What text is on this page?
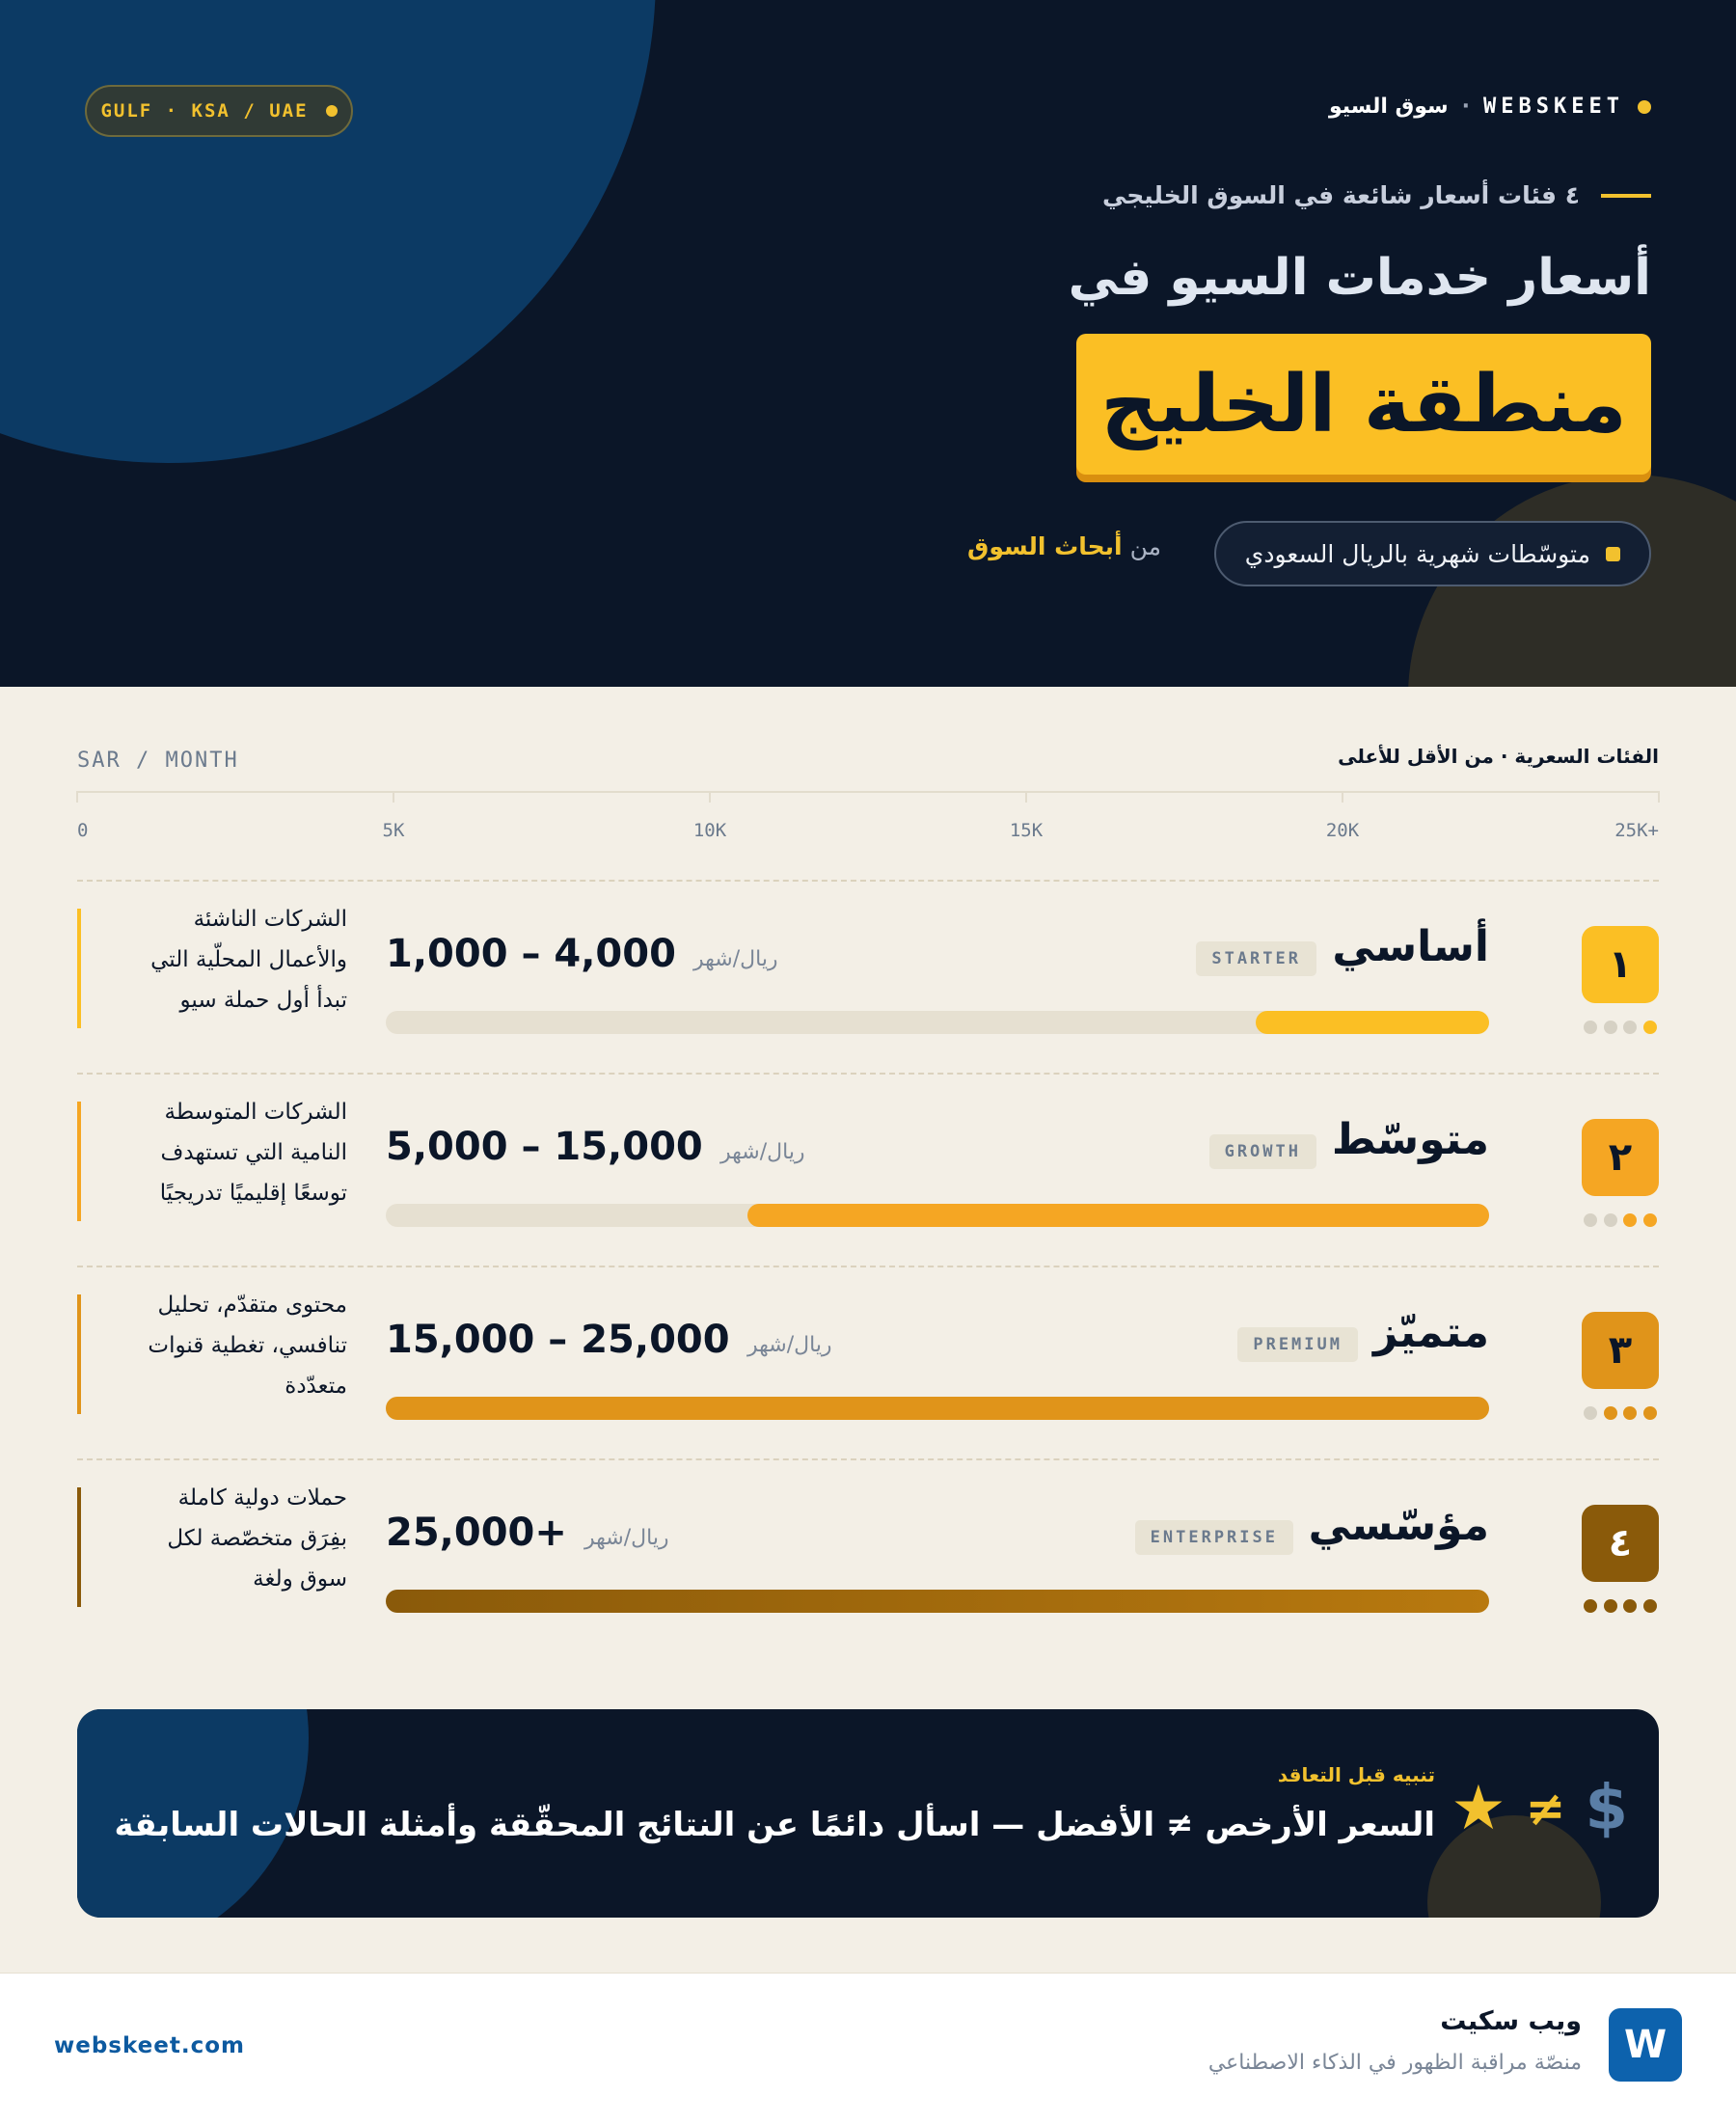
GULF · KSA / UAE	WEBSKEET
·
سوق السيو
٤ فئات أسعار شائعة في السوق الخليجي
أسعار خدمات السيو في
منطقة الخليج
متوسّطات شهرية بالريال السعودي
من أبحاث السوق
SAR / MONTH	الفئات السعرية · من الأقل للأعلى
0	5K	10K	15K	20K	25K+
١
أساسي
STARTER
1,000 – 4,000 ريال/شهر
الشركات الناشئة
والأعمال المحلّية التي
تبدأ أول حملة سيو
٢
متوسّط
GROWTH
5,000 – 15,000 ريال/شهر
الشركات المتوسطة
النامية التي تستهدف
توسعًا إقليميًا تدريجيًا
٣
متميّز
PREMIUM
15,000 – 25,000 ريال/شهر
محتوى متقدّم، تحليل
تنافسي، تغطية قنوات
متعدّدة
٤
مؤسّسي
ENTERPRISE
25,000+ ريال/شهر
حملات دولية كاملة
بفِرَق متخصّصة لكل
سوق ولغة
★ ≠ $
تنبيه قبل التعاقد
السعر الأرخص ≠ الأفضل — اسأل دائمًا عن النتائج المحقّقة وأمثلة الحالات السابقة
W
ويب سكيت
منصّة مراقبة الظهور في الذكاء الاصطناعي
webskeet.com
